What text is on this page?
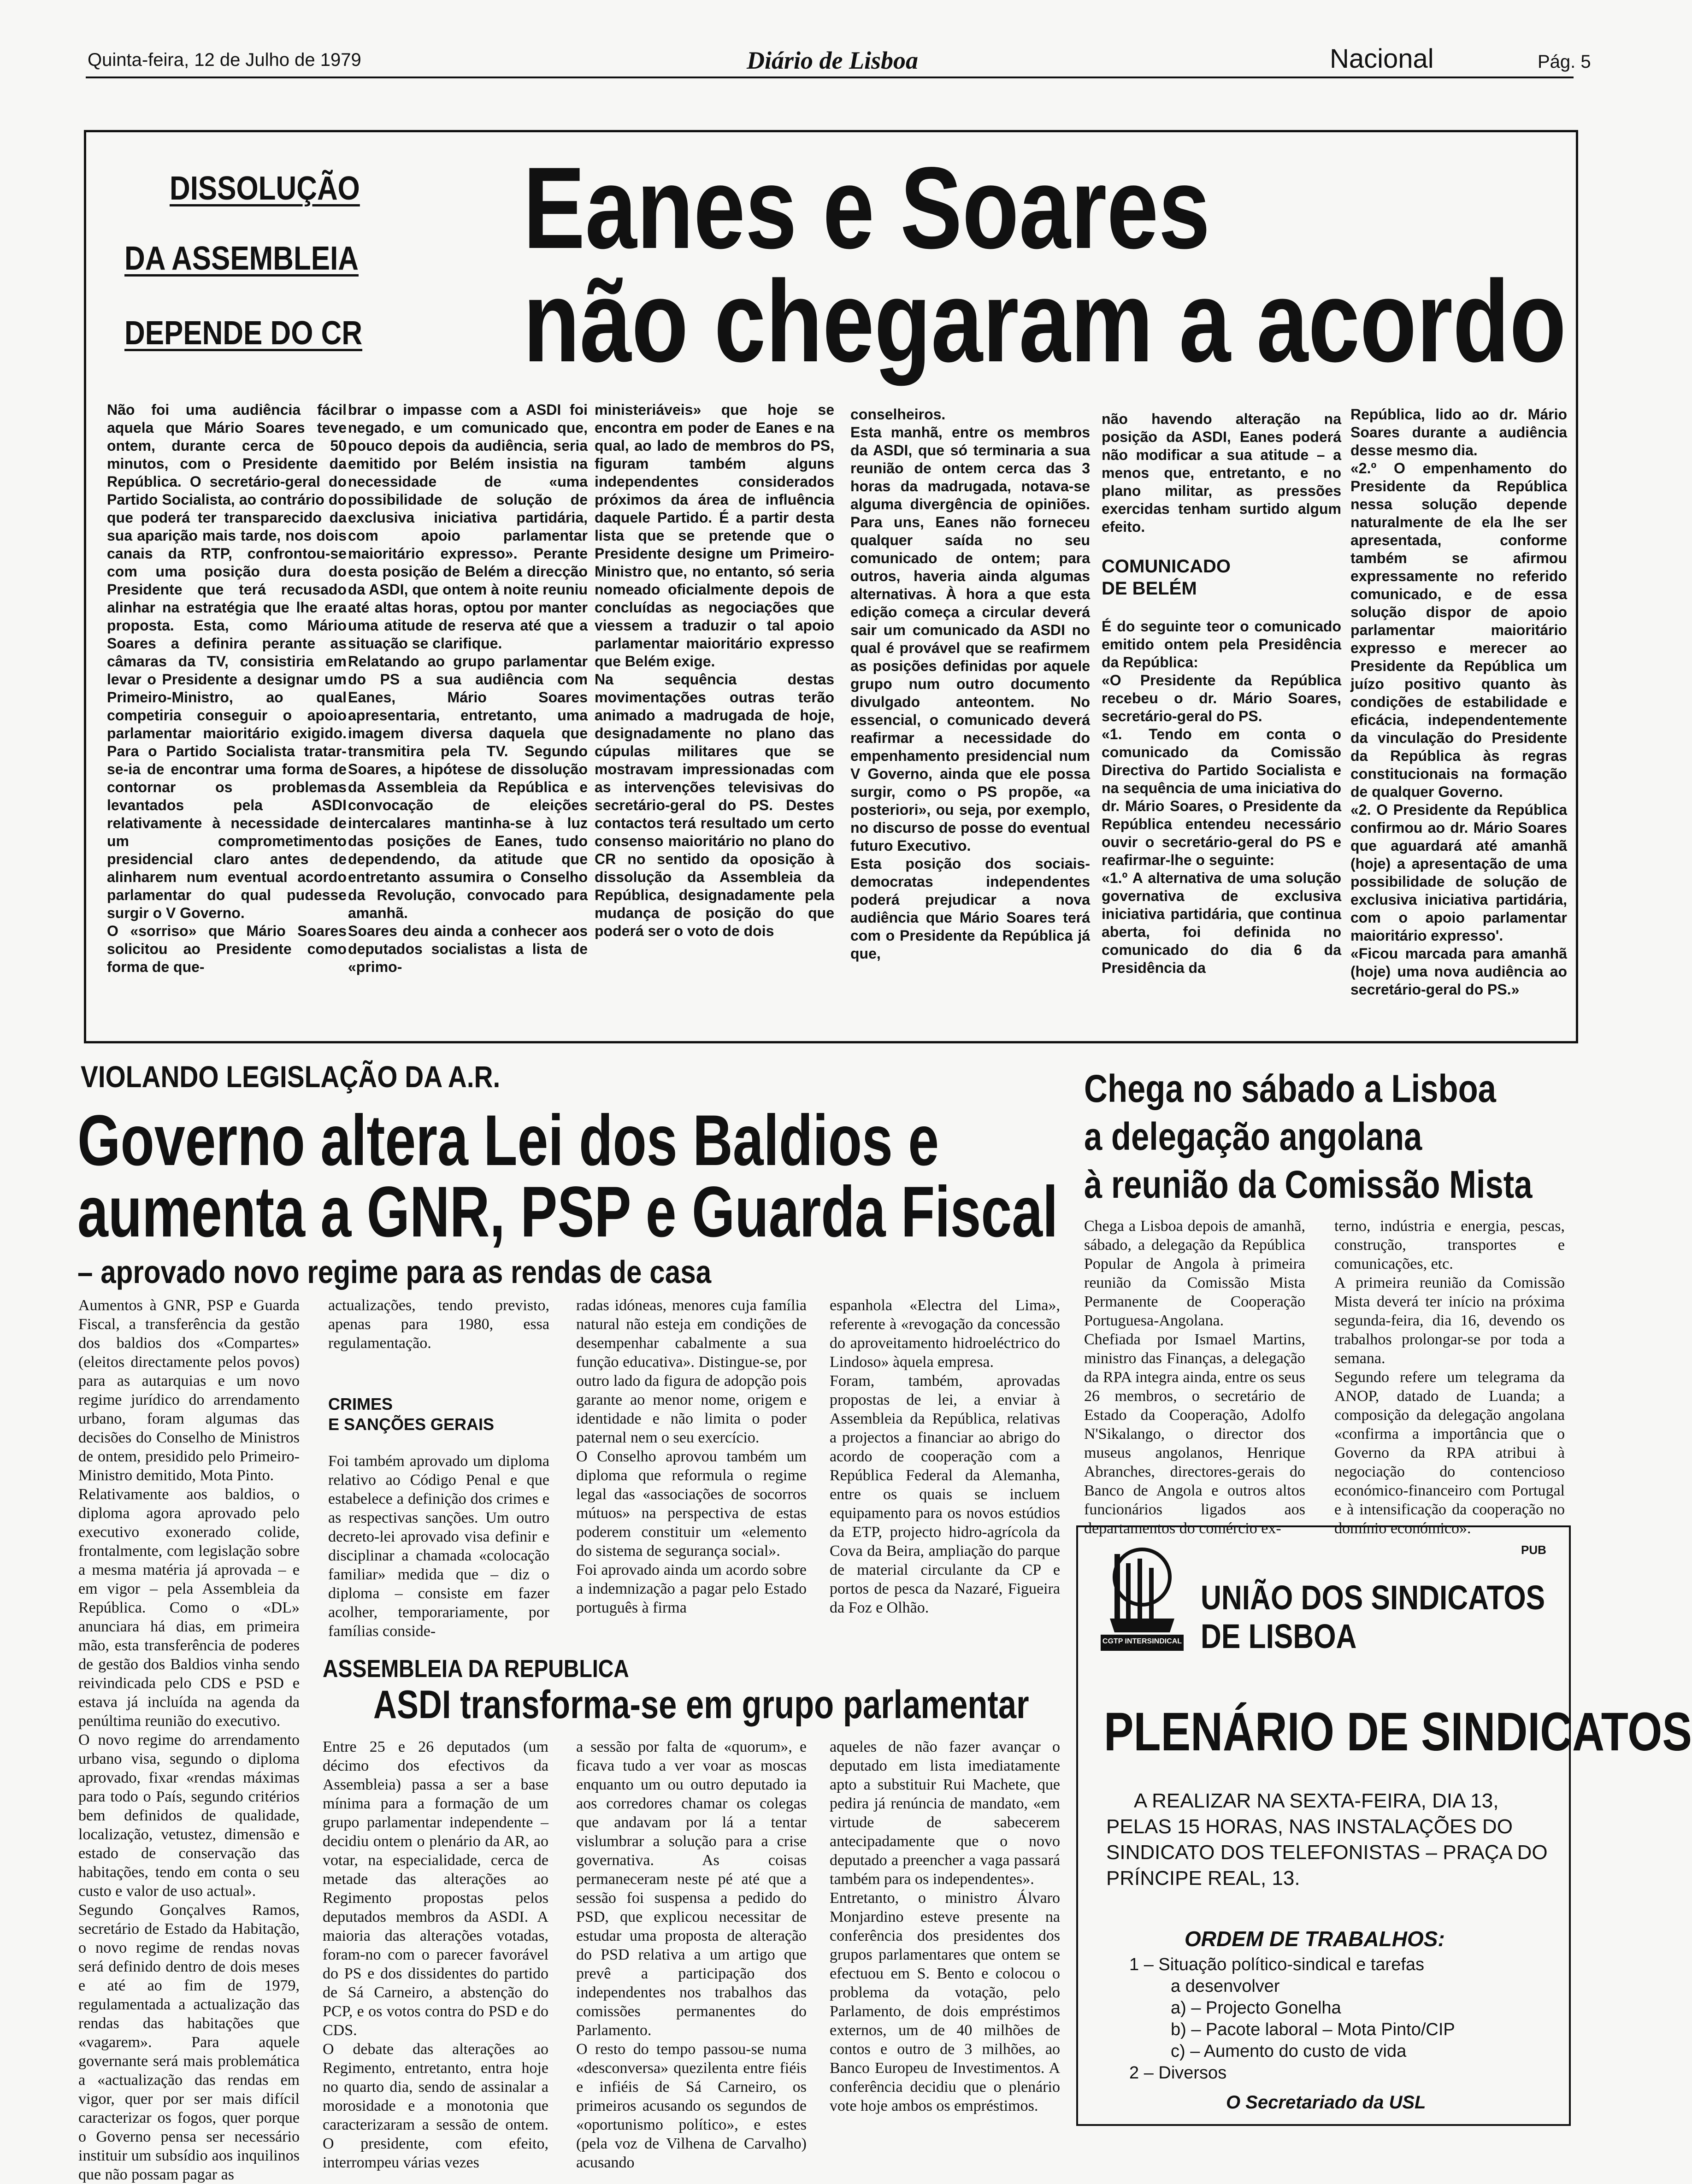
Quinta-feira, 12 de Julho de 1979	Diário de Lisboa	Nacional	Pág. 5
DISSOLUÇÃO
DA ASSEMBLEIA
DEPENDE DO CR
Eanes e Soares
não chegaram a acordo
Não foi uma audiência fácil aquela que Mário Soares teve ontem, durante cerca de 50 minutos, com o Presidente da República. O secretário-geral do Partido Socialista, ao contrário do que poderá ter transparecido da sua aparição mais tarde, nos dois canais da RTP, confrontou-se com uma posição dura do Presidente que terá recusado alinhar na estratégia que lhe era proposta. Esta, como Mário Soares a definira perante as câmaras da TV, consistiria em levar o Presidente a designar um Primeiro-Ministro, ao qual competiria conseguir o apoio parlamentar maioritário exigido. Para o Partido Socialista tratar-se-ia de encontrar uma forma de contornar os problemas levantados pela ASDI relativamente à necessidade de um comprometimento presidencial claro antes de alinharem num eventual acordo parlamentar do qual pudesse surgir o V Governo.
O «sorriso» que Mário Soares solicitou ao Presidente como forma de que-
brar o impasse com a ASDI foi negado, e um comunicado que, pouco depois da audiência, seria emitido por Belém insistia na necessidade de «uma possibilidade de solução de exclusiva iniciativa partidária, com apoio parlamentar maioritário expresso». Perante esta posição de Belém a direcção da ASDI, que ontem à noite reuniu até altas horas, optou por manter uma atitude de reserva até que a situação se clarifique.
Relatando ao grupo parlamentar do PS a sua audiência com Eanes, Mário Soares apresentaria, entretanto, uma imagem diversa daquela que transmitira pela TV. Segundo Soares, a hipótese de dissolução da Assembleia da República e convocação de eleições intercalares mantinha-se à luz das posições de Eanes, tudo dependendo, da atitude que entretanto assumira o Conselho da Revolução, convocado para amanhã.
Soares deu ainda a conhecer aos deputados socialistas a lista de «primo-
ministeriáveis» que hoje se encontra em poder de Eanes e na qual, ao lado de membros do PS, figuram também alguns independentes considerados próximos da área de influência daquele Partido. É a partir desta lista que se pretende que o Presidente designe um Primeiro-Ministro que, no entanto, só seria nomeado oficialmente depois de concluídas as negociações que viessem a traduzir o tal apoio parlamentar maioritário expresso que Belém exige.
Na sequência destas movimentações outras terão animado a madrugada de hoje, designadamente no plano das cúpulas militares que se mostravam impressionadas com as intervenções televisivas do secretário-geral do PS. Destes contactos terá resultado um certo consenso maioritário no plano do CR no sentido da oposição à dissolução da Assembleia da República, designadamente pela mudança de posição do que poderá ser o voto de dois
conselheiros.
Esta manhã, entre os membros da ASDI, que só terminaria a sua reunião de ontem cerca das 3 horas da madrugada, notava-se alguma divergência de opiniões. Para uns, Eanes não forneceu qualquer saída no seu comunicado de ontem; para outros, haveria ainda algumas alternativas. À hora a que esta edição começa a circular deverá sair um comunicado da ASDI no qual é provável que se reafirmem as posições definidas por aquele grupo num outro documento divulgado anteontem. No essencial, o comunicado deverá reafirmar a necessidade do empenhamento presidencial num V Governo, ainda que ele possa surgir, como o PS propõe, «a posteriori», ou seja, por exemplo, no discurso de posse do eventual futuro Executivo.
Esta posição dos sociais-democratas independentes poderá prejudicar a nova audiência que Mário Soares terá com o Presidente da República já que,
não havendo alteração na posição da ASDI, Eanes poderá não modificar a sua atitude – a menos que, entretanto, e no plano militar, as pressões exercidas tenham surtido algum efeito.
COMUNICADO
DE BELÉM
É do seguinte teor o comunicado emitido ontem pela Presidência da República:
«O Presidente da República recebeu o dr. Mário Soares, secretário-geral do PS.
«1. Tendo em conta o comunicado da Comissão Directiva do Partido Socialista e na sequência de uma iniciativa do dr. Mário Soares, o Presidente da República entendeu necessário ouvir o secretário-geral do PS e reafirmar-lhe o seguinte:
«1.º A alternativa de uma solução governativa de exclusiva iniciativa partidária, que continua aberta, foi definida no comunicado do dia 6 da Presidência da
República, lido ao dr. Mário Soares durante a audiência desse mesmo dia.
«2.º O empenhamento do Presidente da República nessa solução depende naturalmente de ela lhe ser apresentada, conforme também se afirmou expressamente no referido comunicado, e de essa solução dispor de apoio parlamentar maioritário expresso e merecer ao Presidente da República um juízo positivo quanto às condições de estabilidade e eficácia, independentemente da vinculação do Presidente da República às regras constitucionais na formação de qualquer Governo.
«2. O Presidente da República confirmou ao dr. Mário Soares que aguardará até amanhã (hoje) a apresentação de uma possibilidade de solução de exclusiva iniciativa partidária, com o apoio parlamentar maioritário expresso'.
«Ficou marcada para amanhã (hoje) uma nova audiência ao secretário-geral do PS.»
VIOLANDO LEGISLAÇÃO DA A.R.
Governo altera Lei dos Baldios e
aumenta a GNR, PSP e Guarda Fiscal
– aprovado novo regime para as rendas de casa
Aumentos à GNR, PSP e Guarda Fiscal, a transferência da gestão dos baldios dos «Compartes» (eleitos directamente pelos povos) para as autarquias e um novo regime jurídico do arrendamento urbano, foram algumas das decisões do Conselho de Ministros de ontem, presidido pelo Primeiro-Ministro demitido, Mota Pinto.
Relativamente aos baldios, o diploma agora aprovado pelo executivo exonerado colide, frontalmente, com legislação sobre a mesma matéria já aprovada – e em vigor – pela Assembleia da República. Como o «DL» anunciara há dias, em primeira mão, esta transferência de poderes de gestão dos Baldios vinha sendo reivindicada pelo CDS e PSD e estava já incluída na agenda da penúltima reunião do executivo.
O novo regime do arrendamento urbano visa, segundo o diploma aprovado, fixar «rendas máximas para todo o País, segundo critérios bem definidos de qualidade, localização, vetustez, dimensão e estado de conservação das habitações, tendo em conta o seu custo e valor de uso actual».
Segundo Gonçalves Ramos, secretário de Estado da Habitação, o novo regime de rendas novas será definido dentro de dois meses e até ao fim de 1979, regulamentada a actualização das rendas das habitações que «vagarem». Para aquele governante será mais problemática a «actualização das rendas em vigor, quer por ser mais difícil caracterizar os fogos, quer porque o Governo pensa ser necessário instituir um subsídio aos inquilinos que não possam pagar as
actualizações, tendo previsto, apenas para 1980, essa regulamentação.
CRIMES
E SANÇÕES GERAIS
Foi também aprovado um diploma relativo ao Código Penal e que estabelece a definição dos crimes e as respectivas sanções. Um outro decreto-lei aprovado visa definir e disciplinar a chamada «colocação familiar» medida que – diz o diploma – consiste em fazer acolher, temporariamente, por famílias conside-
radas idóneas, menores cuja família natural não esteja em condições de desempenhar cabalmente a sua função educativa». Distingue-se, por outro lado da figura de adopção pois garante ao menor nome, origem e identidade e não limita o poder paternal nem o seu exercício.
O Conselho aprovou também um diploma que reformula o regime legal das «associações de socorros mútuos» na perspectiva de estas poderem constituir um «elemento do sistema de segurança social».
Foi aprovado ainda um acordo sobre a indemnização a pagar pelo Estado português à firma
espanhola «Electra del Lima», referente à «revogação da concessão do aproveitamento hidroeléctrico do Lindoso» àquela empresa.
Foram, também, aprovadas propostas de lei, a enviar à Assembleia da República, relativas a projectos a financiar ao abrigo do acordo de cooperação com a República Federal da Alemanha, entre os quais se incluem equipamento para os novos estúdios da ETP, projecto hidro-agrícola da Cova da Beira, ampliação do parque de material circulante da CP e portos de pesca da Nazaré, Figueira da Foz e Olhão.
ASSEMBLEIA DA REPUBLICA
ASDI transforma-se em grupo parlamentar
Entre 25 e 26 deputados (um décimo dos efectivos da Assembleia) passa a ser a base mínima para a formação de um grupo parlamentar independente – decidiu ontem o plenário da AR, ao votar, na especialidade, cerca de metade das alterações ao Regimento propostas pelos deputados membros da ASDI. A maioria das alterações votadas, foram-no com o parecer favorável do PS e dos dissidentes do partido de Sá Carneiro, a abstenção do PCP, e os votos contra do PSD e do CDS.
O debate das alterações ao Regimento, entretanto, entra hoje no quarto dia, sendo de assinalar a morosidade e a monotonia que caracterizaram a sessão de ontem. O presidente, com efeito, interrompeu várias vezes
a sessão por falta de «quorum», e ficava tudo a ver voar as moscas enquanto um ou outro deputado ia aos corredores chamar os colegas que andavam por lá a tentar vislumbrar a solução para a crise governativa. As coisas permaneceram neste pé até que a sessão foi suspensa a pedido do PSD, que explicou necessitar de estudar uma proposta de alteração do PSD relativa a um artigo que prevê a participação dos independentes nos trabalhos das comissões permanentes do Parlamento.
O resto do tempo passou-se numa «desconversa» quezilenta entre fiéis e infiéis de Sá Carneiro, os primeiros acusando os segundos de «oportunismo político», e estes (pela voz de Vilhena de Carvalho) acusando
aqueles de não fazer avançar o deputado em lista imediatamente apto a substituir Rui Machete, que pedira já renúncia de mandato, «em virtude de sabecerem antecipadamente que o novo deputado a preencher a vaga passará também para os independentes».
Entretanto, o ministro Álvaro Monjardino esteve presente na conferência dos presidentes dos grupos parlamentares que ontem se efectuou em S. Bento e colocou o problema da votação, pelo Parlamento, de dois empréstimos externos, um de 40 milhões de contos e outro de 3 milhões, ao Banco Europeu de Investimentos. A conferência decidiu que o plenário vote hoje ambos os empréstimos.
Chega no sábado a Lisboa
a delegação angolana
à reunião da Comissão Mista
Chega a Lisboa depois de amanhã, sábado, a delegação da República Popular de Angola à primeira reunião da Comissão Mista Permanente de Cooperação Portuguesa-Angolana.
Chefiada por Ismael Martins, ministro das Finanças, a delegação da RPA integra ainda, entre os seus 26 membros, o secretário de Estado da Cooperação, Adolfo N'Sikalango, o director dos museus angolanos, Henrique Abranches, directores-gerais do Banco de Angola e outros altos funcionários ligados aos departamentos do comércio ex-
terno, indústria e energia, pescas, construção, transportes e comunicações, etc.
A primeira reunião da Comissão Mista deverá ter início na próxima segunda-feira, dia 16, devendo os trabalhos prolongar-se por toda a semana.
Segundo refere um telegrama da ANOP, datado de Luanda; a composição da delegação angolana «confirma a importância que o Governo da RPA atribui à negociação do contencioso económico-financeiro com Portugal e à intensificação da cooperação no domínio económico».
PUB
CGTP INTERSINDICAL
UNIÃO DOS SINDICATOS
DE LISBOA
PLENÁRIO DE SINDICATOS
A REALIZAR NA SEXTA-FEIRA, DIA 13, PELAS 15 HORAS, NAS INSTALAÇÕES DO SINDICATO DOS TELEFONISTAS – PRAÇA DO PRÍNCIPE REAL, 13.
ORDEM DE TRABALHOS:
1 – Situação político-sindical e tarefas
a desenvolver
a) – Projecto Gonelha
b) – Pacote laboral – Mota Pinto/CIP
c) – Aumento do custo de vida
2 – Diversos
O Secretariado da USL
